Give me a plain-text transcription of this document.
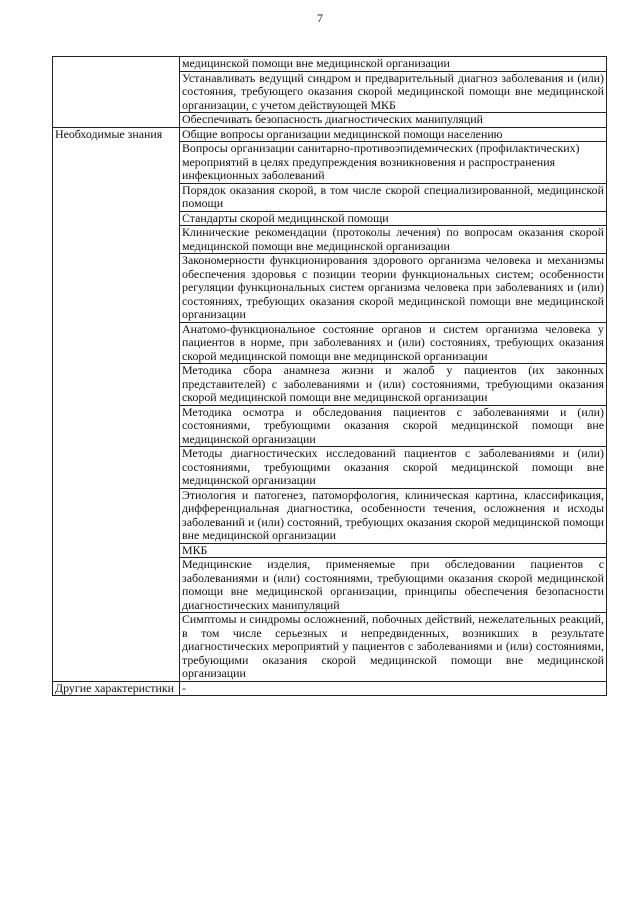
7
	медицинской помощи вне медицинской организации
	Устанавливать ведущий синдром и предварительный диагноз заболевания и (или) состояния, требующего оказания скорой медицинской помощи вне медицинской организации, с учетом действующей МКБ
	Обеспечивать безопасность диагностических манипуляций
Необходимые знания	Общие вопросы организации медицинской помощи населению
	Вопросы организации санитарно-противоэпидемических (профилактических) мероприятий в целях предупреждения возникновения и распространения инфекционных заболеваний
	Порядок оказания скорой, в том числе скорой специализированной, медицинской помощи
	Стандарты скорой медицинской помощи
	Клинические рекомендации (протоколы лечения) по вопросам оказания скорой медицинской помощи вне медицинской организации
	Закономерности функционирования здорового организма человека и механизмы обеспечения здоровья с позиции теории функциональных систем; особенности регуляции функциональных систем организма человека при заболеваниях и (или) состояниях, требующих оказания скорой медицинской помощи вне медицинской организации
	Анатомо-функциональное состояние органов и систем организма человека у пациентов в норме, при заболеваниях и (или) состояниях, требующих оказания скорой медицинской помощи вне медицинской организации
	Методика сбора анамнеза жизни и жалоб у пациентов (их законных представителей) с заболеваниями и (или) состояниями, требующими оказания скорой медицинской помощи вне медицинской организации
	Методика осмотра и обследования пациентов с заболеваниями и (или) состояниями, требующими оказания скорой медицинской помощи вне медицинской организации
	Методы диагностических исследований пациентов с заболеваниями и (или) состояниями, требующими оказания скорой медицинской помощи вне медицинской организации
	Этиология и патогенез, патоморфология, клиническая картина, классификация, дифференциальная диагностика, особенности течения, осложнения и исходы заболеваний и (или) состояний, требующих оказания скорой медицинской помощи вне медицинской организации
	МКБ
	Медицинские изделия, применяемые при обследовании пациентов с заболеваниями и (или) состояниями, требующими оказания скорой медицинской помощи вне медицинской организации, принципы обеспечения безопасности диагностических манипуляций
	Симптомы и синдромы осложнений, побочных действий, нежелательных реакций, в том числе серьезных и непредвиденных, возникших в результате диагностических мероприятий у пациентов с заболеваниями и (или) состояниями, требующими оказания скорой медицинской помощи вне медицинской организации
Другие характеристики	-
